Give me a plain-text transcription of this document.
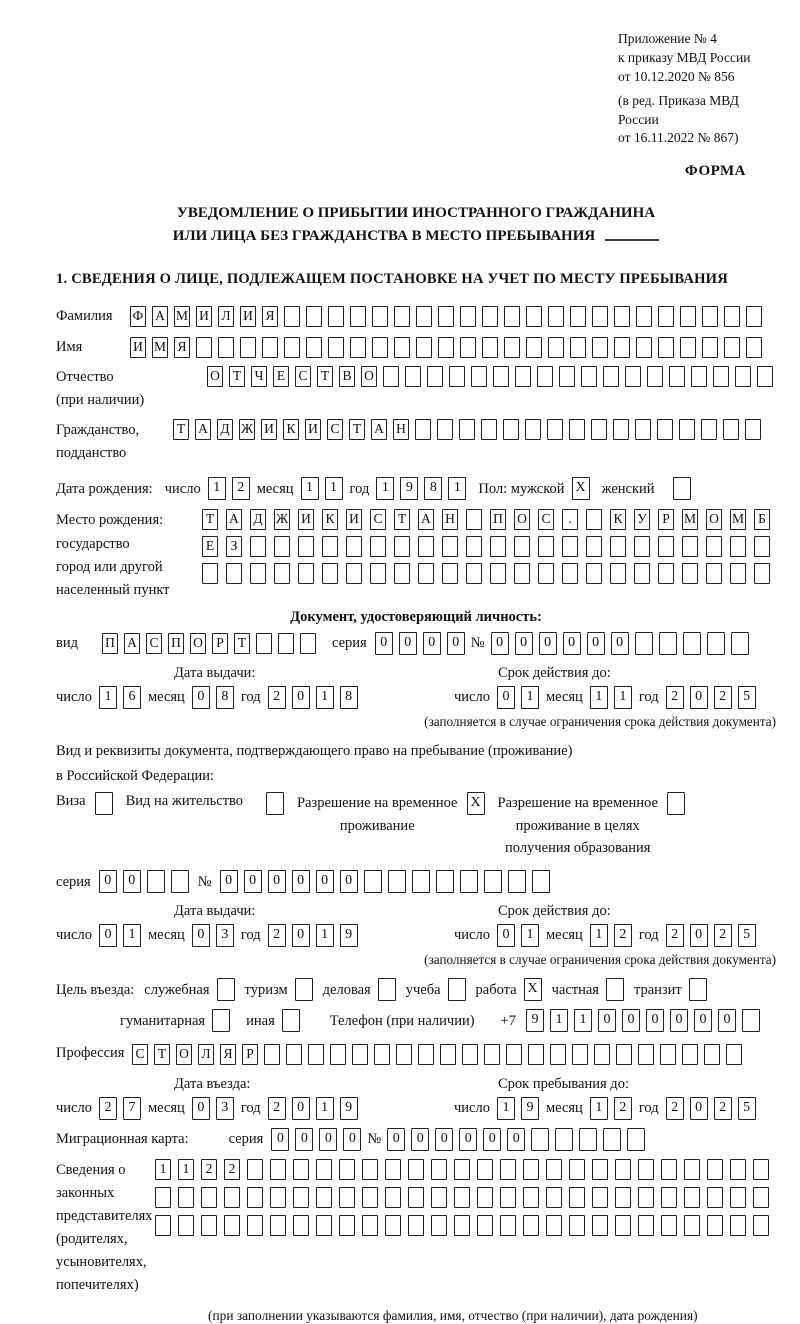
Приложение № 4
к приказу МВД России
от 10.12.2020 № 856
(в ред. Приказа МВД России
от 16.11.2022 № 867)
ФОРМА
УВЕДОМЛЕНИЕ О ПРИБЫТИИ ИНОСТРАННОГО ГРАЖДАНИНА
ИЛИ ЛИЦА БЕЗ ГРАЖДАНСТВА В МЕСТО ПРЕБЫВАНИЯ
1. СВЕДЕНИЯ О ЛИЦЕ, ПОДЛЕЖАЩЕМ ПОСТАНОВКЕ НА УЧЕТ ПО МЕСТУ ПРЕБЫВАНИЯ
Фамилия	Ф А М И Л И Я
Имя	И М Я
Отчество
(при наличии)
О Т Ч Е С Т В О
Гражданство,
подданство
Т А Д Ж И К И С Т А Н
Дата рождения: число 1	2 месяц 1	1 год 1	9	8	1	Пол: мужской X женский
Место рождения:
государство
город или другой
населенный пункт
Т А Д Ж И К И С Т А Н	П О С	.	К У	Р	М О М	Б
Е	З
Документ, удостоверяющий личность:
вид П А С П О Р	Т	серия 0	0	0	0 № 0	0	0	0	0	0
Дата выдачи:	Срок действия до:
число 1	6 месяц 0	8 год 2	0	1	8	число 0	1 месяц 1	1 год 2	0	2	5
(заполняется в случае ограничения срока действия документа)
Вид и реквизиты документа, подтверждающего право на пребывание (проживание)
в Российской Федерации:
Виза	Вид на жительство	Разрешение на временное
проживание
X Разрешение на временное
проживание в целях
получения образования
серия 0	0	№ 0	0	0	0	0	0
Дата выдачи:	Срок действия до:
число 0	1 месяц 0	3 год 2	0	1	9	число 0	1 месяц 1	2 год 2	0	2	5
(заполняется в случае ограничения срока действия документа)
Цель въезда: служебная туризм деловая учеба работа X частная транзит
гуманитарная	иная	Телефон (при наличии) +7	9	1	1	0	0	0	0	0	0
Профессия С Т О Л Я	Р
Дата въезда:	Срок пребывания до:
число 2	7 месяц 0	3 год 2	0	1	9	число 1	9 месяц 1	2 год 2	0	2	5
Миграционная карта:	серия 0	0	0	0 № 0	0	0	0	0	0
Сведения о
законных
представителях
(родителях,
усыновителях,
попечителях)
1	1	2	2
(при заполнении указываются фамилия, имя, отчество (при наличии), дата рождения)
